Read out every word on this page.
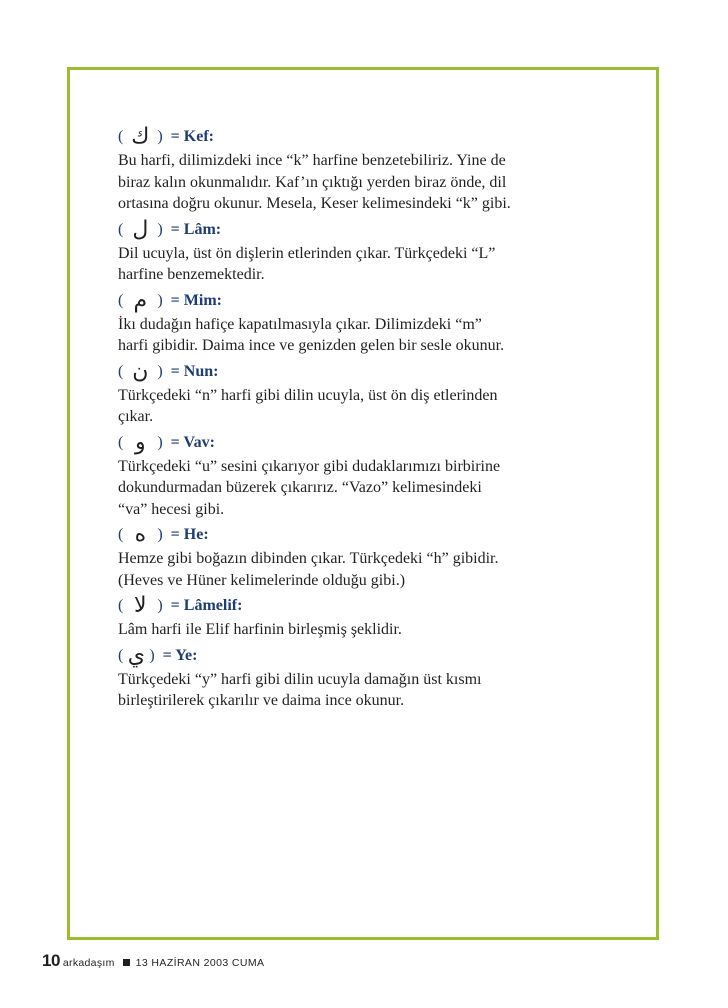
( ك ) = Kef:
Bu harfi, dilimizdeki ince “k” harfine benzetebiliriz. Yine de
biraz kalın okunmalıdır. Kaf’ın çıktığı yerden biraz önde, dil
ortasına doğru okunur. Mesela, Keser kelimesindeki “k” gibi.
( ل ) = Lâm:
Dil ucuyla, üst ön dişlerin etlerinden çıkar. Türkçedeki “L”
harfine benzemektedir.
( م ) = Mim:
İkı dudağın hafiçe kapatılmasıyla çıkar. Dilimizdeki “m”
harfi gibidir. Daima ince ve genizden gelen bir sesle okunur.
( ن ) = Nun:
Türkçedeki “n” harfi gibi dilin ucuyla, üst ön diş etlerinden
çıkar.
( و ) = Vav:
Türkçedeki “u” sesini çıkarıyor gibi dudaklarımızı birbirine
dokundurmadan büzerek çıkarırız. “Vazo” kelimesindeki
“va” hecesi gibi.
( ه ) = He:
Hemze gibi boğazın dibinden çıkar. Türkçedeki “h” gibidir.
(Heves ve Hüner kelimelerinde olduğu gibi.)
( لا ) = Lâmelif:
Lâm harfi ile Elif harfinin birleşmiş şeklidir.
( ي ) = Ye:
Türkçedeki “y” harfi gibi dilin ucuyla damağın üst kısmı
birleştirilerek çıkarılır ve daima ince okunur.
10 arkadaşım 13 HAZİRAN 2003 CUMA
